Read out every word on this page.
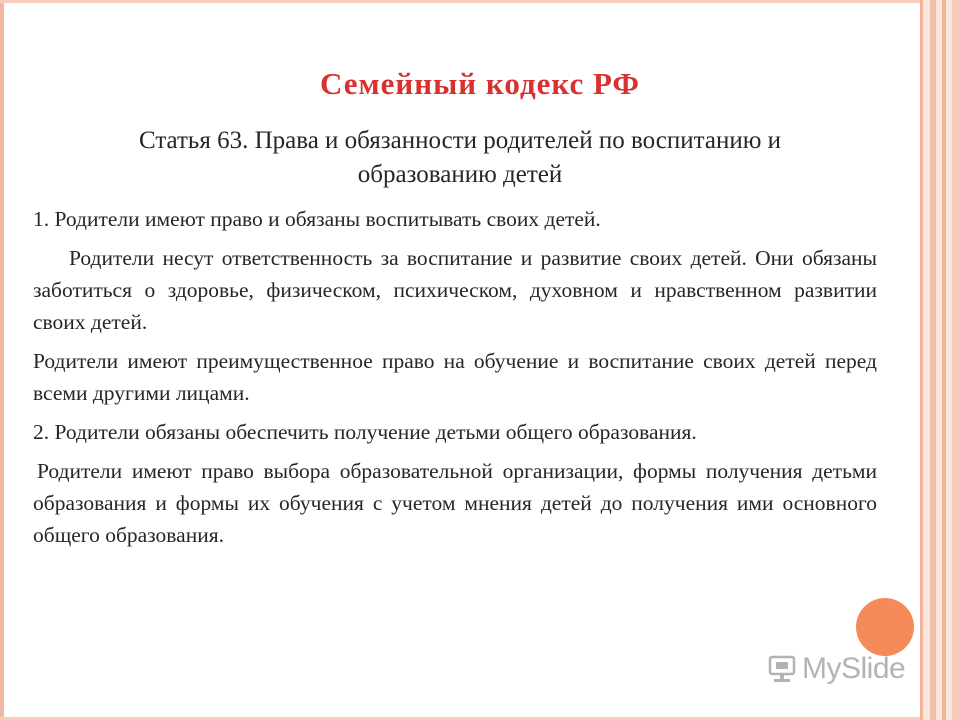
Семейный кодекс РФ
Статья 63. Права и обязанности родителей по воспитанию и образованию детей

1. Родители имеют право и обязаны воспитывать своих детей.

Родители несут ответственность за воспитание и развитие своих детей. Они обязаны заботиться о здоровье, физическом, психическом, духовном и нравственном развитии своих детей.

Родители имеют преимущественное право на обучение и воспитание своих детей перед всеми другими лицами.

2. Родители обязаны обеспечить получение детьми общего образования.

Родители имеют право выбора образовательной организации, формы получения детьми образования и формы их обучения с учетом мнения детей до получения ими основного общего образования.

MySlide
